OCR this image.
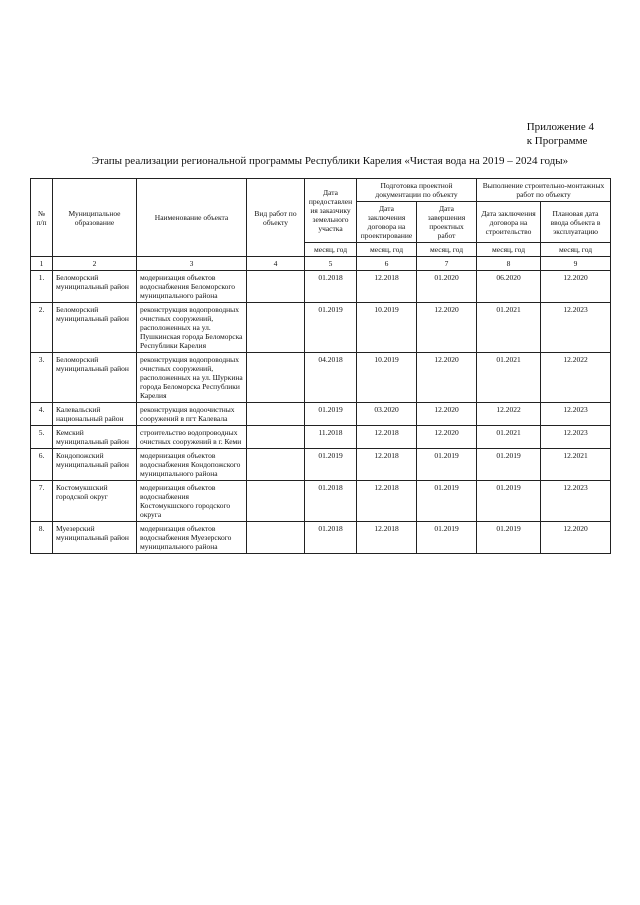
Приложение 4
к Программе
Этапы реализации региональной программы Республики Карелия «Чистая вода на 2019 – 2024 годы»
№ п/п	Муниципальное образование	Наименование объекта	Вид работ по объекту	Дата предоставления заказчику земельного участка	Подготовка проектной документации по объекту		Выполнение строительно-монтажных работ по объекту	
					Дата заключения договора на проектирование	Дата завершения проектных работ	Дата заключения договора на строительство	Плановая дата ввода объекта в эксплуатацию
				месяц, год	месяц, год	месяц, год	месяц, год	месяц, год
1	2	3	4	5	6	7	8	9
1.	Беломорский муниципальный район	модернизация объектов водоснабжения Беломорского муниципального района		01.2018	12.2018	01.2020	06.2020	12.2020
2.	Беломорский муниципальный район	реконструкция водопроводных очистных сооружений, расположенных на ул. Пушкинская города Беломорска Республики Карелия		01.2019	10.2019	12.2020	01.2021	12.2023
3.	Беломорский муниципальный район	реконструкция водопроводных очистных сооружений, расположенных на ул. Шуркина города Беломорска Республики Карелия		04.2018	10.2019	12.2020	01.2021	12.2022
4.	Калевальский национальный район	реконструкция водоочистных сооружений в пгт Калевала		01.2019	03.2020	12.2020	12.2022	12.2023
5.	Кемский муниципальный район	строительство водопроводных очистных сооружений в г. Кеми		11.2018	12.2018	12.2020	01.2021	12.2023
6.	Кондопожский муниципальный район	модернизация объектов водоснабжения Кондопожского муниципального района		01.2019	12.2018	01.2019	01.2019	12.2021
7.	Костомукшский городской округ	модернизация объектов водоснабжения Костомукшского городского округа		01.2018	12.2018	01.2019	01.2019	12.2023
8.	Муезерский муниципальный район	модернизация объектов водоснабжения Муезерского муниципального района		01.2018	12.2018	01.2019	01.2019	12.2020
